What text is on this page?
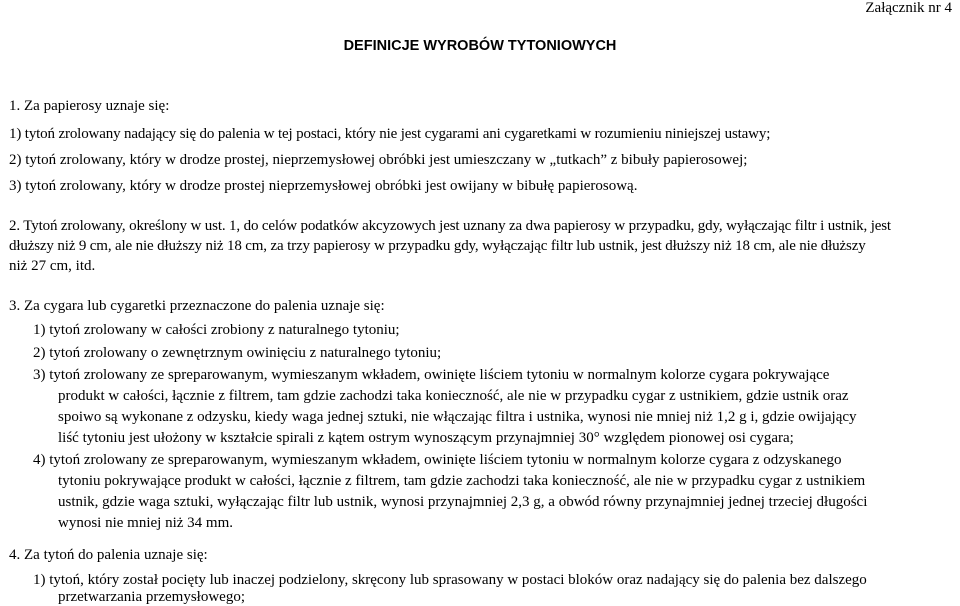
Załącznik nr 4
DEFINICJE WYROBÓW TYTONIOWYCH
1. Za papierosy uznaje się:
1) tytoń zrolowany nadający się do palenia w tej postaci, który nie jest cygarami ani cygaretkami w rozumieniu niniejszej ustawy;
2) tytoń zrolowany, który w drodze prostej, nieprzemysłowej obróbki jest umieszczany w „tutkach” z bibuły papierosowej;
3) tytoń zrolowany, który w drodze prostej nieprzemysłowej obróbki jest owijany w bibułę papierosową.
2. Tytoń zrolowany, określony w ust. 1, do celów podatków akcyzowych jest uznany za dwa papierosy w przypadku, gdy, wyłączając filtr i ustnik, jest
dłuższy niż 9 cm, ale nie dłuższy niż 18 cm, za trzy papierosy w przypadku gdy, wyłączając filtr lub ustnik, jest dłuższy niż 18 cm, ale nie dłuższy
niż 27 cm, itd.
3. Za cygara lub cygaretki przeznaczone do palenia uznaje się:
1) tytoń zrolowany w całości zrobiony z naturalnego tytoniu;
2) tytoń zrolowany o zewnętrznym owinięciu z naturalnego tytoniu;
3) tytoń zrolowany ze spreparowanym, wymieszanym wkładem, owinięte liściem tytoniu w normalnym kolorze cygara pokrywające
produkt w całości, łącznie z filtrem, tam gdzie zachodzi taka konieczność, ale nie w przypadku cygar z ustnikiem, gdzie ustnik oraz
spoiwo są wykonane z odzysku, kiedy waga jednej sztuki, nie włączając filtra i ustnika, wynosi nie mniej niż 1,2 g i, gdzie owijający
liść tytoniu jest ułożony w kształcie spirali z kątem ostrym wynoszącym przynajmniej 30° względem pionowej osi cygara;
4) tytoń zrolowany ze spreparowanym, wymieszanym wkładem, owinięte liściem tytoniu w normalnym kolorze cygara z odzyskanego
tytoniu pokrywające produkt w całości, łącznie z filtrem, tam gdzie zachodzi taka konieczność, ale nie w przypadku cygar z ustnikiem
ustnik, gdzie waga sztuki, wyłączając filtr lub ustnik, wynosi przynajmniej 2,3 g, a obwód równy przynajmniej jednej trzeciej długości
wynosi nie mniej niż 34 mm.
4. Za tytoń do palenia uznaje się:
1) tytoń, który został pocięty lub inaczej podzielony, skręcony lub sprasowany w postaci bloków oraz nadający się do palenia bez dalszego
przetwarzania przemysłowego;
